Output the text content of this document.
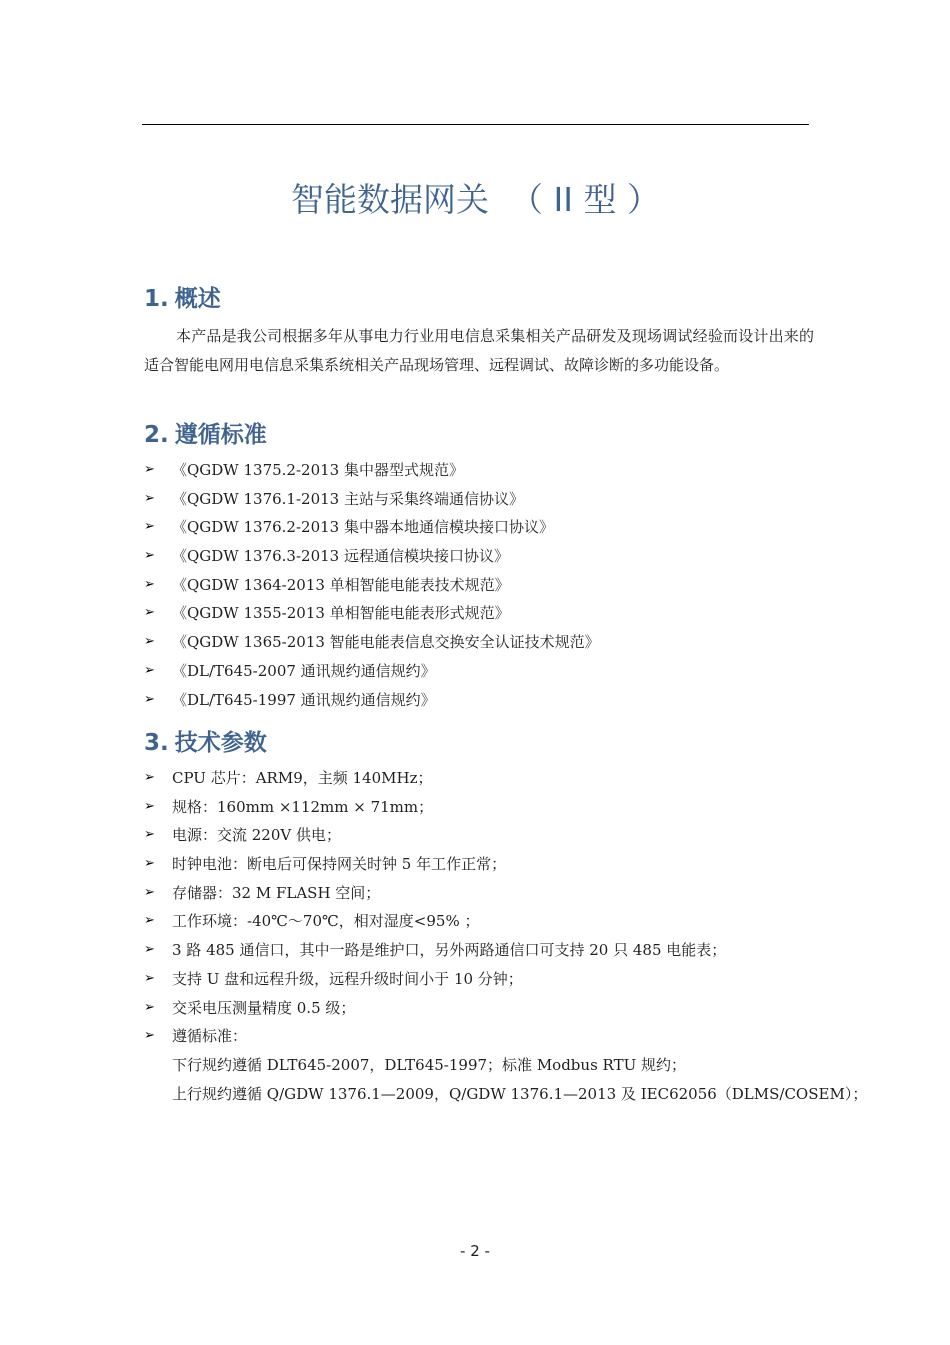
智能数据网关  （ II 型 ）
1. 概述

本产品是我公司根据多年从事电力行业用电信息采集相关产品研发及现场调试经验而设计出来的适合智能电网用电信息采集系统相关产品现场管理、远程调试、故障诊断的多功能设备。

2. 遵循标准
➢ 《QGDW 1375.2-2013 集中器型式规范》
➢ 《QGDW 1376.1-2013 主站与采集终端通信协议》
➢ 《QGDW 1376.2-2013 集中器本地通信模块接口协议》
➢ 《QGDW 1376.3-2013 远程通信模块接口协议》
➢ 《QGDW 1364-2013 单相智能电能表技术规范》
➢ 《QGDW 1355-2013 单相智能电能表形式规范》
➢ 《QGDW 1365-2013 智能电能表信息交换安全认证技术规范》
➢ 《DL/T645-2007 通讯规约通信规约》
➢ 《DL/T645-1997 通讯规约通信规约》
3. 技术参数
➢ CPU 芯片：ARM9，主频 140MHz；
➢ 规格：160mm ×112mm × 71mm；
➢ 电源：交流 220V 供电；
➢ 时钟电池：断电后可保持网关时钟 5 年工作正常；
➢ 存储器：32 M FLASH 空间；
➢ 工作环境：-40℃～70℃，相对湿度<95% ；
➢ 3 路 485 通信口，其中一路是维护口，另外两路通信口可支持 20 只 485 电能表；
➢ 支持 U 盘和远程升级，远程升级时间小于 10 分钟；
➢ 交采电压测量精度 0.5 级；
➢ 遵循标准：
下行规约遵循 DLT645-2007，DLT645-1997；标准 Modbus RTU 规约；
上行规约遵循 Q/GDW 1376.1—2009，Q/GDW 1376.1—2013 及 IEC62056（DLMS/COSEM）；
- 2 -
